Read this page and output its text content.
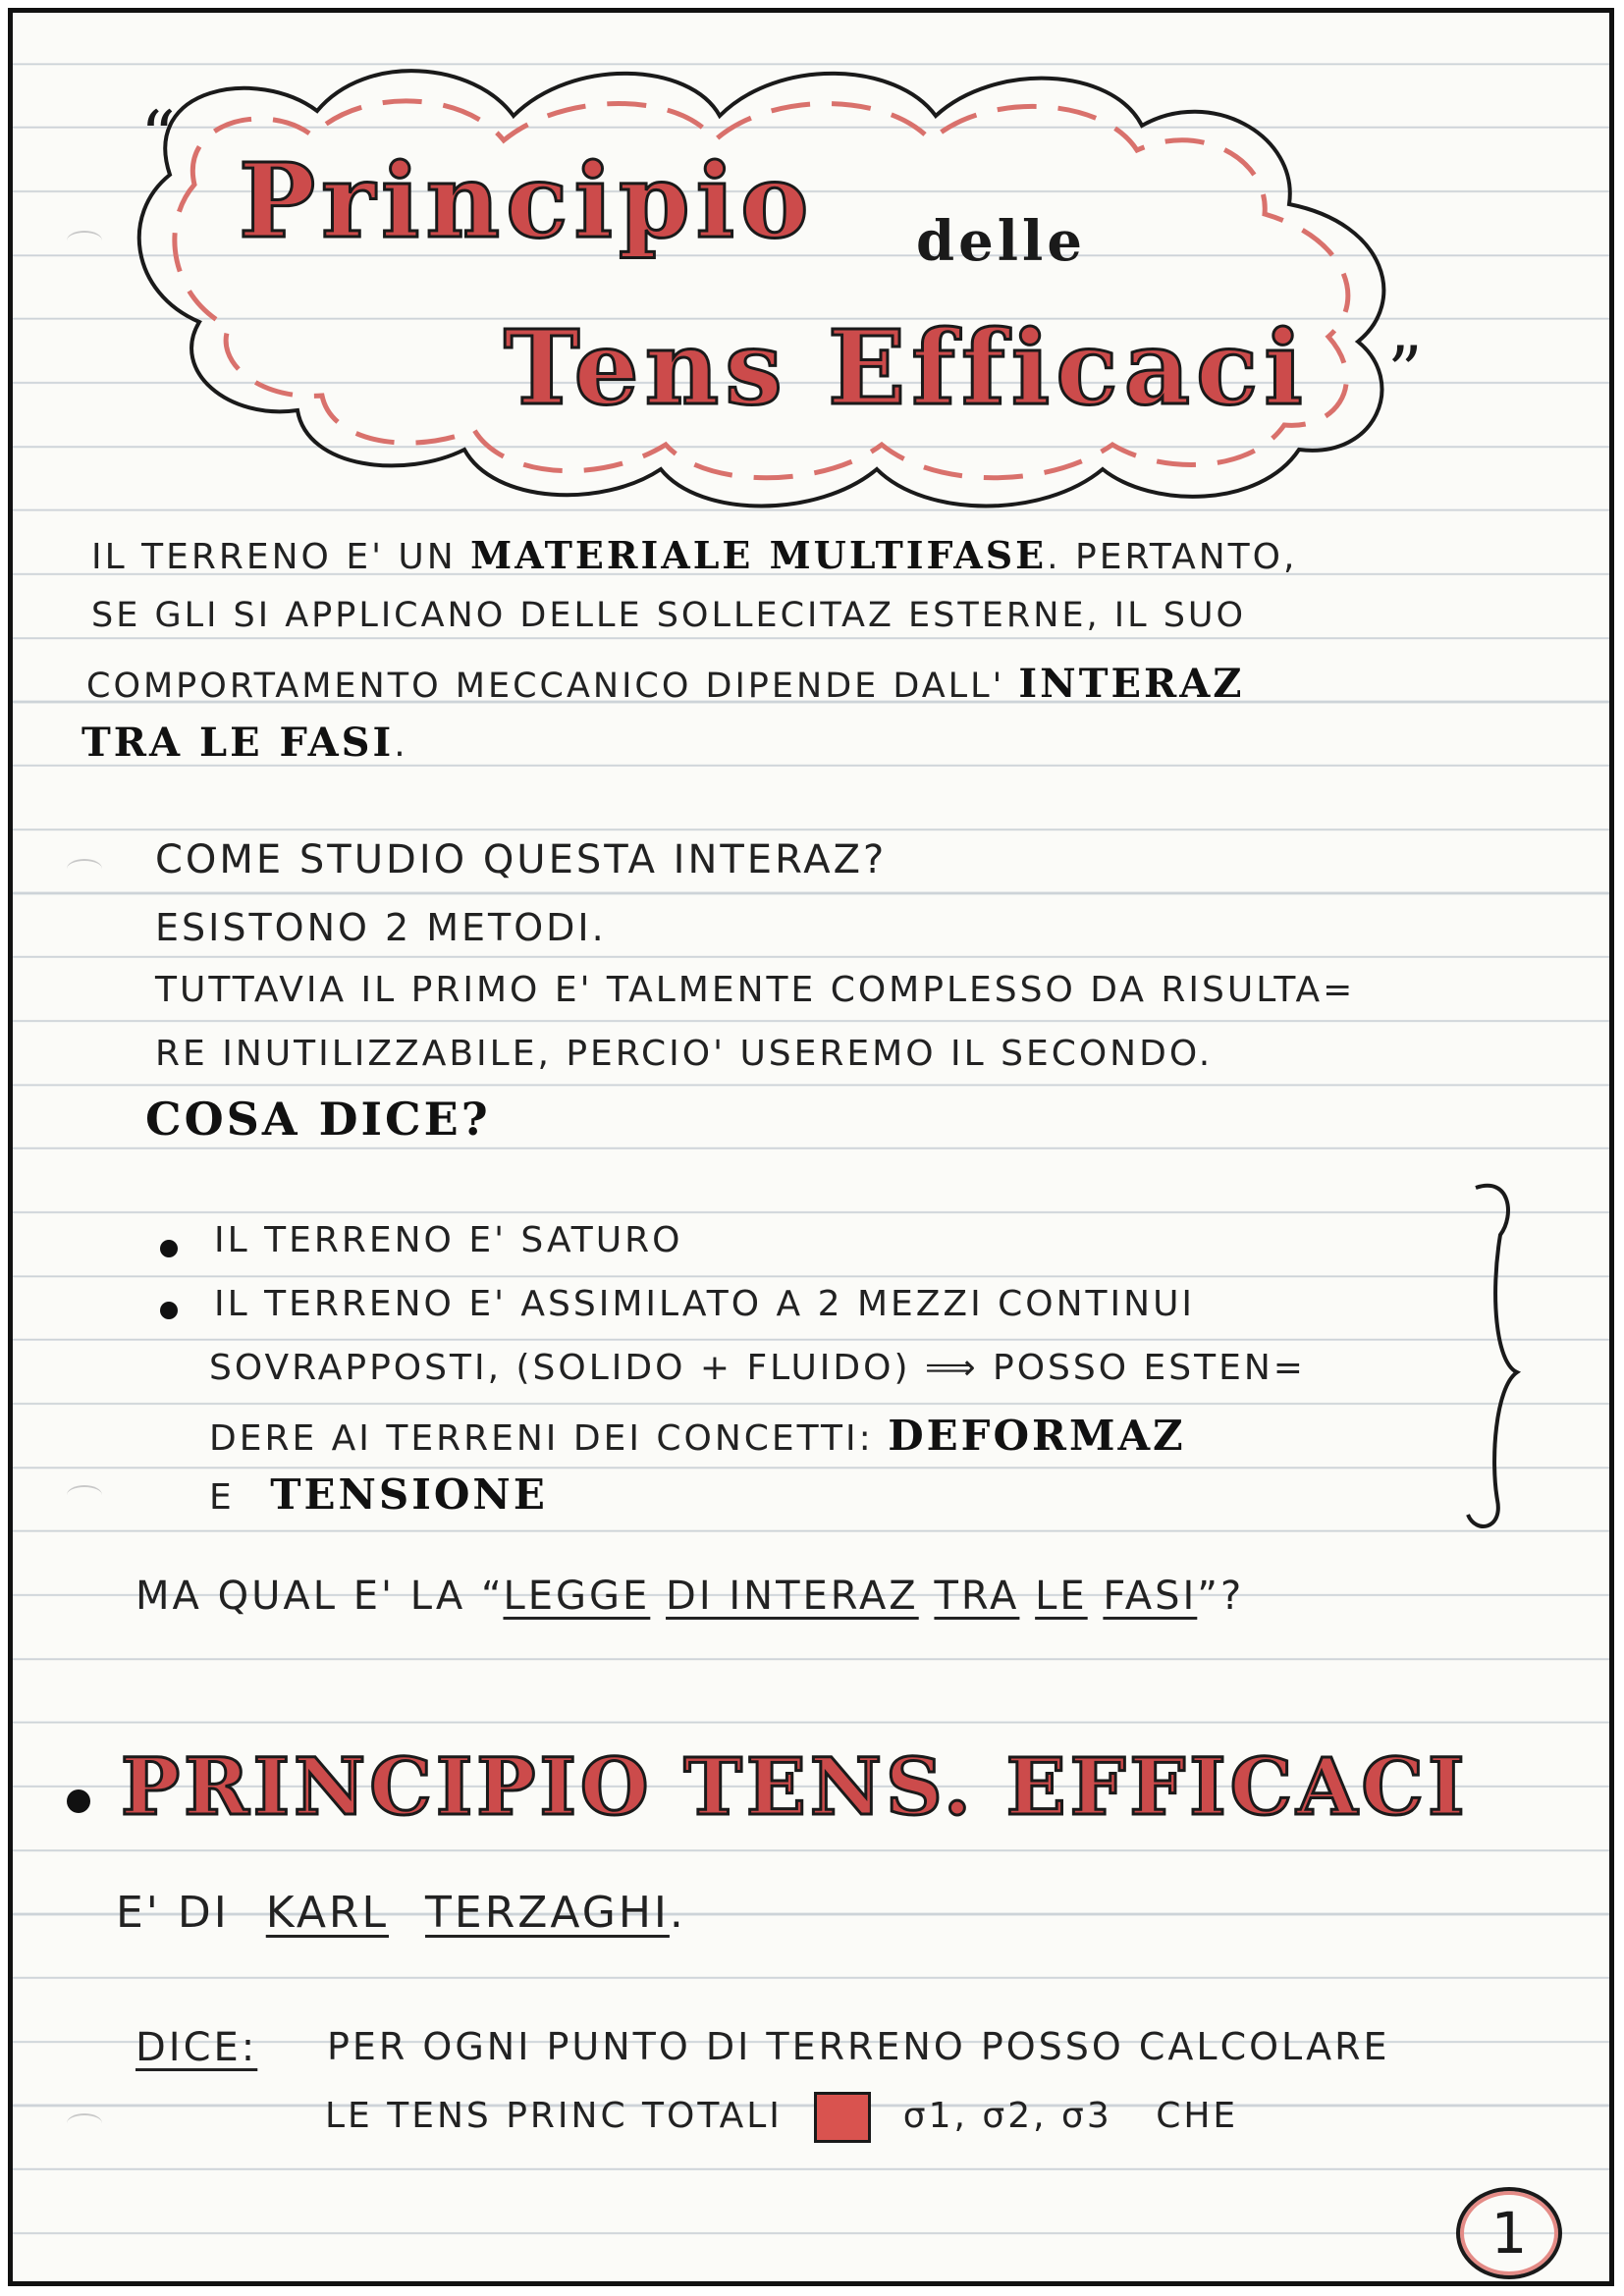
“
Principio delle
Tens Efficaci ”
IL TERRENO E' UN MATERIALE MULTIFASE. PERTANTO,
SE GLI SI APPLICANO DELLE SOLLECITAZ ESTERNE, IL SUO
COMPORTAMENTO MECCANICO DIPENDE DALL' INTERAZ
TRA LE FASI.
COME STUDIO QUESTA INTERAZ?
ESISTONO 2 METODI.
TUTTAVIA IL PRIMO E' TALMENTE COMPLESSO DA RISULTA=
RE INUTILIZZABILE, PERCIO' USEREMO IL SECONDO.
COSA DICE?
IL TERRENO E' SATURO
IL TERRENO E' ASSIMILATO A 2 MEZZI CONTINUI
SOVRAPPOSTI, (SOLIDO + FLUIDO) ⟹ POSSO ESTEN=
DERE AI TERRENI DEI CONCETTI: DEFORMAZ
E TENSIONE
MA QUAL E' LA “LEGGE DI INTERAZ TRA LE FASI”?
PRINCIPIO TENS. EFFICACI
E' DI KARL TERZAGHI.
DICE: PER OGNI PUNTO DI TERRENO POSSO CALCOLARE
LE TENS PRINC TOTALI	σ1, σ2, σ3 CHE
1
